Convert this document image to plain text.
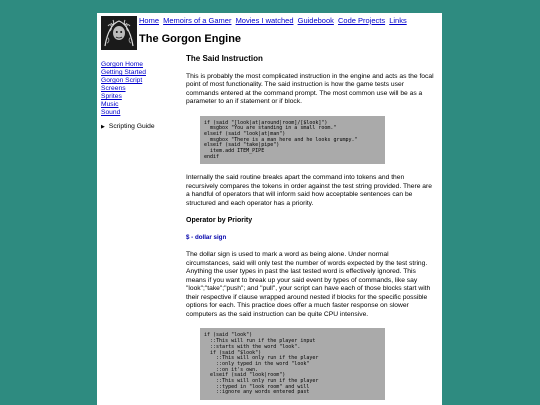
Home Memoirs of a Gamer Movies I watched Guidebook Code Projects Links
The Gorgon Engine
Gorgon Home
Getting Started
Gorgon Script
Screens
Sprites
Music
Sound
▶ Scripting Guide
The Said Instruction

This is probably the most complicated instruction in the engine and acts as the focal point of most functionality. The said instruction is how the game tests user commands entered at the command prompt. The most common use will be as a parameter to an if statement or if block.

if (said "[look|at|around|room]/[$look]")
msgbox "You are standing in a small room."
elseif (said "look|at|man")
msgbox "There is a man here and he looks grumpy."
elseif (said "take|pipe")
item.add ITEM_PIPE
endif

Internally the said routine breaks apart the command into tokens and then recursively compares the tokens in order against the test string provided. There are a handful of operators that will inform said how acceptable sentences can be structured and each operator has a priority.

Operator by Priority

$ - dollar sign

The dollar sign is used to mark a word as being alone. Under normal circumstances, said will only test the number of words expected by the test string. Anything the user types in past the last tested word is effectively ignored. This means if you want to break up your said event by types of commands, like say "look";"take";"push"; and "pull", your script can have each of those blocks start with their respective if clause wrapped around nested if blocks for the specific possible options for each. This practice does offer a much faster response on slower computers as the said instruction can be quite CPU intensive.

if (said "look")
::This will run if the player input
::starts with the word "look".
if (said "$look")
::This will only run if the player
::only typed in the word "look"
::on it's own.
elseif (said "look|room")
::This will only run if the player
::typed in "look room" and will
::ignore any words entered past
